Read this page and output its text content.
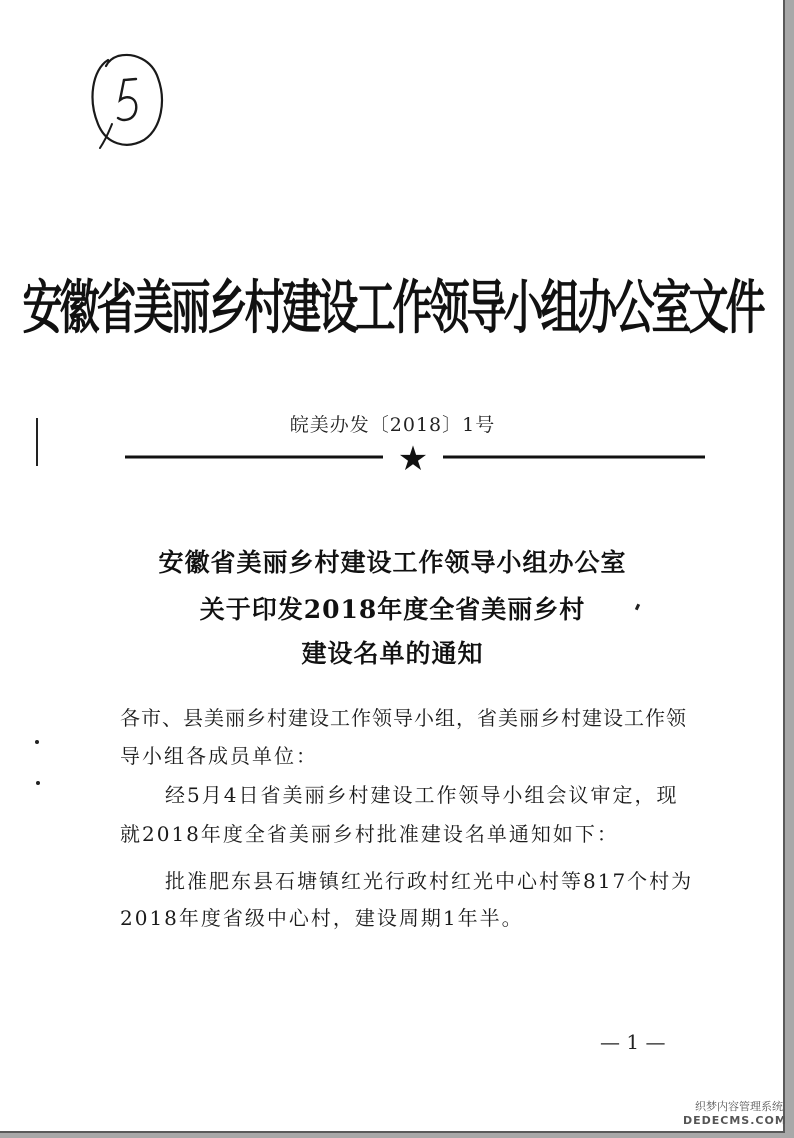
安徽省美丽乡村建设工作领导小组办公室文件
皖美办发〔2018〕1号
★
安徽省美丽乡村建设工作领导小组办公室
关于印发2018年度全省美丽乡村
建设名单的通知
各市、县美丽乡村建设工作领导小组，省美丽乡村建设工作领
导小组各成员单位：
经5月4日省美丽乡村建设工作领导小组会议审定，现
就2018年度全省美丽乡村批准建设名单通知如下：
批准肥东县石塘镇红光行政村红光中心村等817个村为
2018年度省级中心村，建设周期1年半。
— 1 —
织梦内容管理系统
DEDECMS.COM
